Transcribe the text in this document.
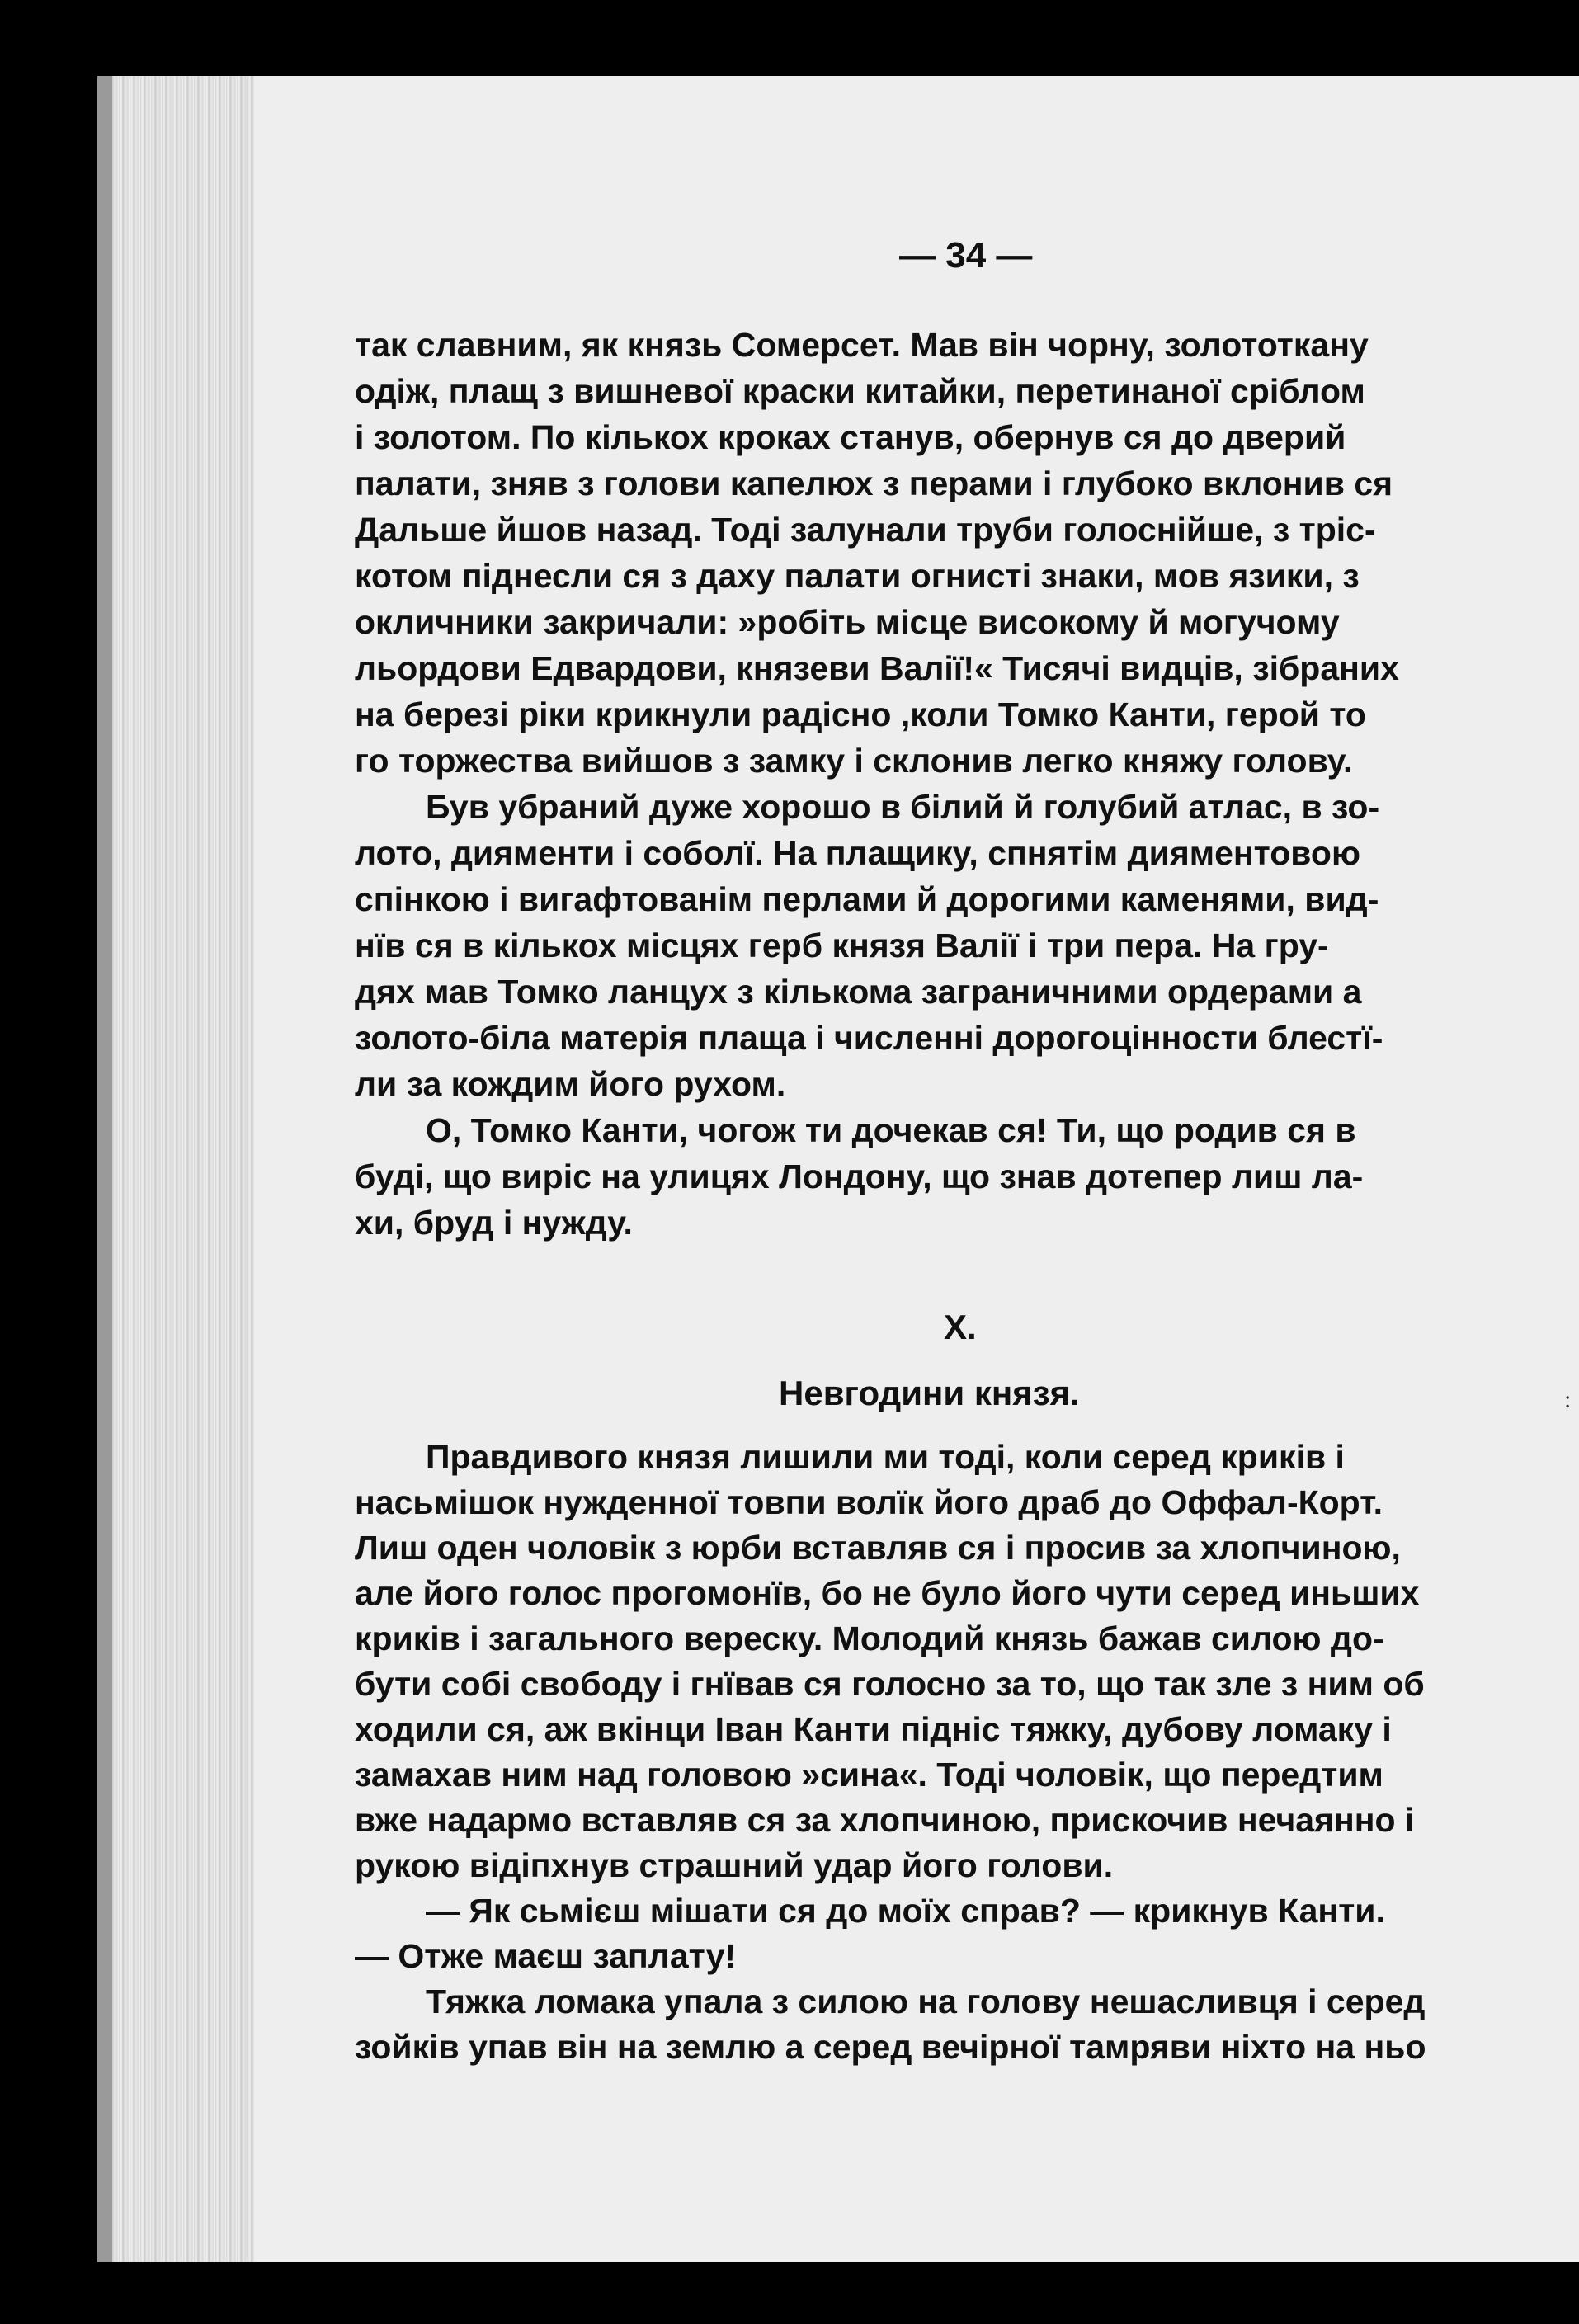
— 34 —
так славним, як князь Сомерсет. Мав він чорну, золототкану
одіж, плащ з вишневої краски китайки, перетинаної сріблом
і золотом. По кількох кроках станув, обернув ся до дверий
палати, зняв з голови капелюх з перами і глубоко вклонив ся
Дальше йшов назад. Тоді залунали труби голоснійше, з тріс-
котом піднесли ся з даху палати огнисті знаки, мов язики, з
окличники закричали: »робіть місце високому й могучому
льордови Едвардови, князеви Валії!« Тисячі видців, зібраних
на березі ріки крикнули радісно ,коли Томко Канти, герой то
го торжества вийшов з замку і склонив легко княжу голову.
Був убраний дуже хорошо в білий й голубий атлас, в зо-
лото, дияменти і соболї. На плащику, спнятім дияментовою
спінкою і вигафтованім перлами й дорогими каменями, вид-
нїв ся в кількох місцях герб князя Валії і три пера. На гру-
дях мав Томко ланцух з кількома заграничними ордерами а
золото-біла матерія плаща і численні дорогоцінности блестї-
ли за кождим його рухом.
О, Томко Канти, чогож ти дочекав ся! Ти, що родив ся в
буді, що виріс на улицях Лондону, що знав дотепер лиш ла-
хи, бруд і нужду.
X.
Невгодини князя.	:
Правдивого князя лишили ми тоді, коли серед криків і
насьмішок нужденної товпи волїк його драб до Оффал-Корт.
Лиш оден чоловік з юрби вставляв ся і просив за хлопчиною,
але його голос прогомонїв, бо не було його чути серед иньших
криків і загального вереску. Молодий князь бажав силою до-
бути собі свободу і гнївав ся голосно за то, що так зле з ним об
ходили ся, аж вкінци Іван Канти підніс тяжку, дубову ломаку і
замахав ним над головою »сина«. Тоді чоловік, що передтим
вже надармо вставляв ся за хлопчиною, прискочив нечаянно і
рукою відіпхнув страшний удар його голови.
— Як сьмієш мішати ся до моїх справ? — крикнув Канти.
— Отже маєш заплату!
Тяжка ломака упала з силою на голову нешасливця і серед
зойків упав він на землю а серед вечірної тамряви ніхто на ньо
